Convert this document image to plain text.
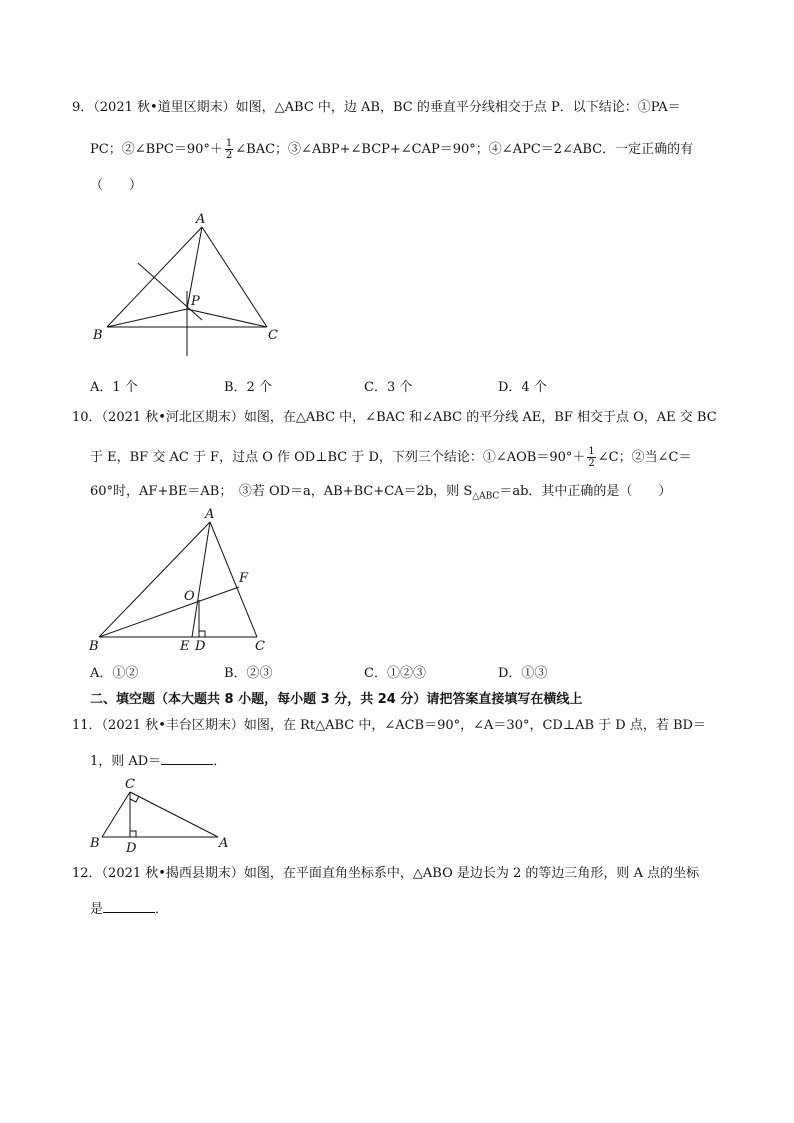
9．（2021 秋•道里区期末）如图，△ABC 中，边 AB，BC 的垂直平分线相交于点 P．以下结论：①PA＝
PC；②∠BPC＝90°＋ $\frac{1}{2}$ ∠BAC；③∠ABP+∠BCP+∠CAP＝90°；④∠APC＝2∠ABC．一定正确的有
（　　）
A
B	C
P
A．1 个	B．2 个	C．3 个	D．4 个
10．（2021 秋•河北区期末）如图，在△ABC 中，∠BAC 和∠ABC 的平分线 AE，BF 相交于点 O，AE 交 BC
于 E，BF 交 AC 于 F，过点 O 作 OD⊥BC 于 D，下列三个结论：①∠AOB＝90°＋ $\frac{1}{2}$ ∠C；②当∠C＝
60°时，AF+BE＝AB；　③若 OD＝a，AB+BC+CA＝2b，则 $S_{\triangle ABC}=ab$．其中正确的是（　　）
A
B	C
O
F
E D
A．①②	B．②③	C．①②③	D．①③
二、填空题（本大题共 8 小题，每小题 3 分，共 24 分）请把答案直接填写在横线上
11．（2021 秋•丰台区期末）如图，在 Rt△ABC 中，∠ACB＝90°，∠A＝30°，CD⊥AB 于 D 点，若 BD＝
1，则 AD＝	．
C
B D	A
12．（2021 秋•揭西县期末）如图，在平面直角坐标系中，△ABO 是边长为 2 的等边三角形，则 A 点的坐标
是	．
